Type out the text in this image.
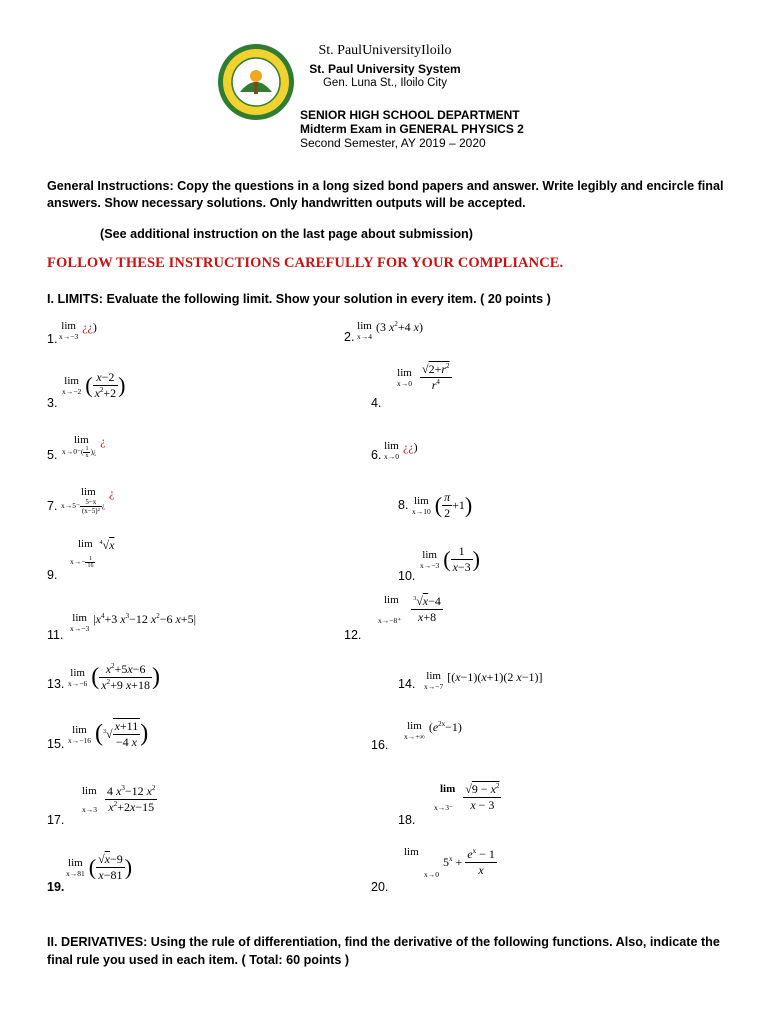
St. PaulUniversityIloilo
St. Paul University System
Gen. Luna St., Iloilo City
SENIOR HIGH SCHOOL DEPARTMENT
Midterm Exam in GENERAL PHYSICS 2
Second Semester, AY 2019 – 2020
General Instructions: Copy the questions in a long sized bond papers and answer. Write legibly and encircle final answers. Show necessary solutions. Only handwritten outputs will be accepted.
(See additional instruction on the last page about submission)
FOLLOW THESE INSTRUCTIONS CAREFULLY FOR YOUR COMPLIANCE.
I. LIMITS: Evaluate the following limit. Show your solution in every item. ( 20 points )
1.
lim
x→−3
¿¿)
2.
lim
x→4
$^{(3 x^2+4 x)}$
3.
lim
x→−2 ( $\frac{x-2}{x^2+2}$ )
4.
lim
x→0
$\frac{√2+r^2}{r^4}$
5.
lim
$x\to 0^-( \frac{1}{x}$ )¿
¿
6.
lim
x→0
¿¿)
7.
lim
$x\to 5^- \frac{5-x}{\text{(x−5)²}}$ ¿
¿
8. lim
x→10 ( $\frac{\pi}{2} +1$)
9.
lim
$x\to- \frac{1}{16}$
$^{^4√x}$
10.
lim
x→−3 ( $\frac{1}{x-3}$ )
11.
lim
x→−3
$^{|x^4+3 x^3-12 x^2-6 x+5|}$
12.
lim
x→−8⁺
$\frac{^3√x-4}{x+8}$
13.
lim
x→−6 ( $\frac{x^2+5x-6}{x^2+9 x+18}$ )	14.
lim
x→−7
[(x−1)(x+1)(2 x−1)]
15.
lim
x→−16 ($^3√ \frac{x+11}{-4 x}$ )	16.
lim
x→+∞
$^{(e^{2x}-1)}$
17.
lim
x→3
$\frac{4 x^3-12 x^2}{x^2+2x-15}$
18.
lim
x→3⁻
$\frac{√9 - x^2}{x - 3}$
19.
lim
x→81 ( $\frac{√x-9}{x-81}$ )
20.
lim
x→0
$5^x + \frac{e^x - 1}{x}$
II. DERIVATIVES: Using the rule of differentiation, find the derivative of the following functions. Also, indicate the final rule you used in each item. ( Total: 60 points )
